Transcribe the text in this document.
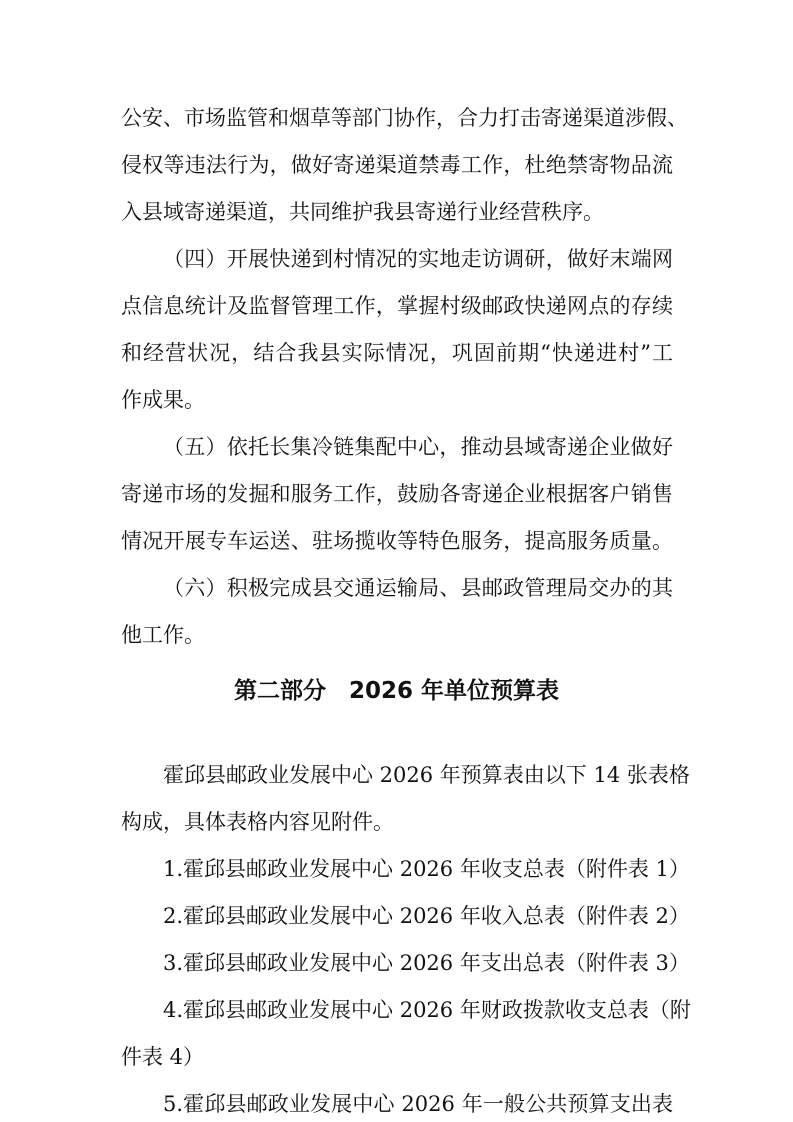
公安、市场监管和烟草等部门协作，合力打击寄递渠道涉假、
侵权等违法行为，做好寄递渠道禁毒工作，杜绝禁寄物品流
入县域寄递渠道，共同维护我县寄递行业经营秩序。
（四）开展快递到村情况的实地走访调研，做好末端网
点信息统计及监督管理工作，掌握村级邮政快递网点的存续
和经营状况，结合我县实际情况，巩固前期“快递进村”工
作成果。
（五）依托长集冷链集配中心，推动县域寄递企业做好
寄递市场的发掘和服务工作，鼓励各寄递企业根据客户销售
情况开展专车运送、驻场揽收等特色服务，提高服务质量。
（六）积极完成县交通运输局、县邮政管理局交办的其
他工作。
第二部分　2026 年单位预算表
霍邱县邮政业发展中心 2026 年预算表由以下 14 张表格
构成，具体表格内容见附件。
1.霍邱县邮政业发展中心 2026 年收支总表（附件表 1）
2.霍邱县邮政业发展中心 2026 年收入总表（附件表 2）
3.霍邱县邮政业发展中心 2026 年支出总表（附件表 3）
4.霍邱县邮政业发展中心 2026 年财政拨款收支总表（附
件表 4）
5.霍邱县邮政业发展中心 2026 年一般公共预算支出表
